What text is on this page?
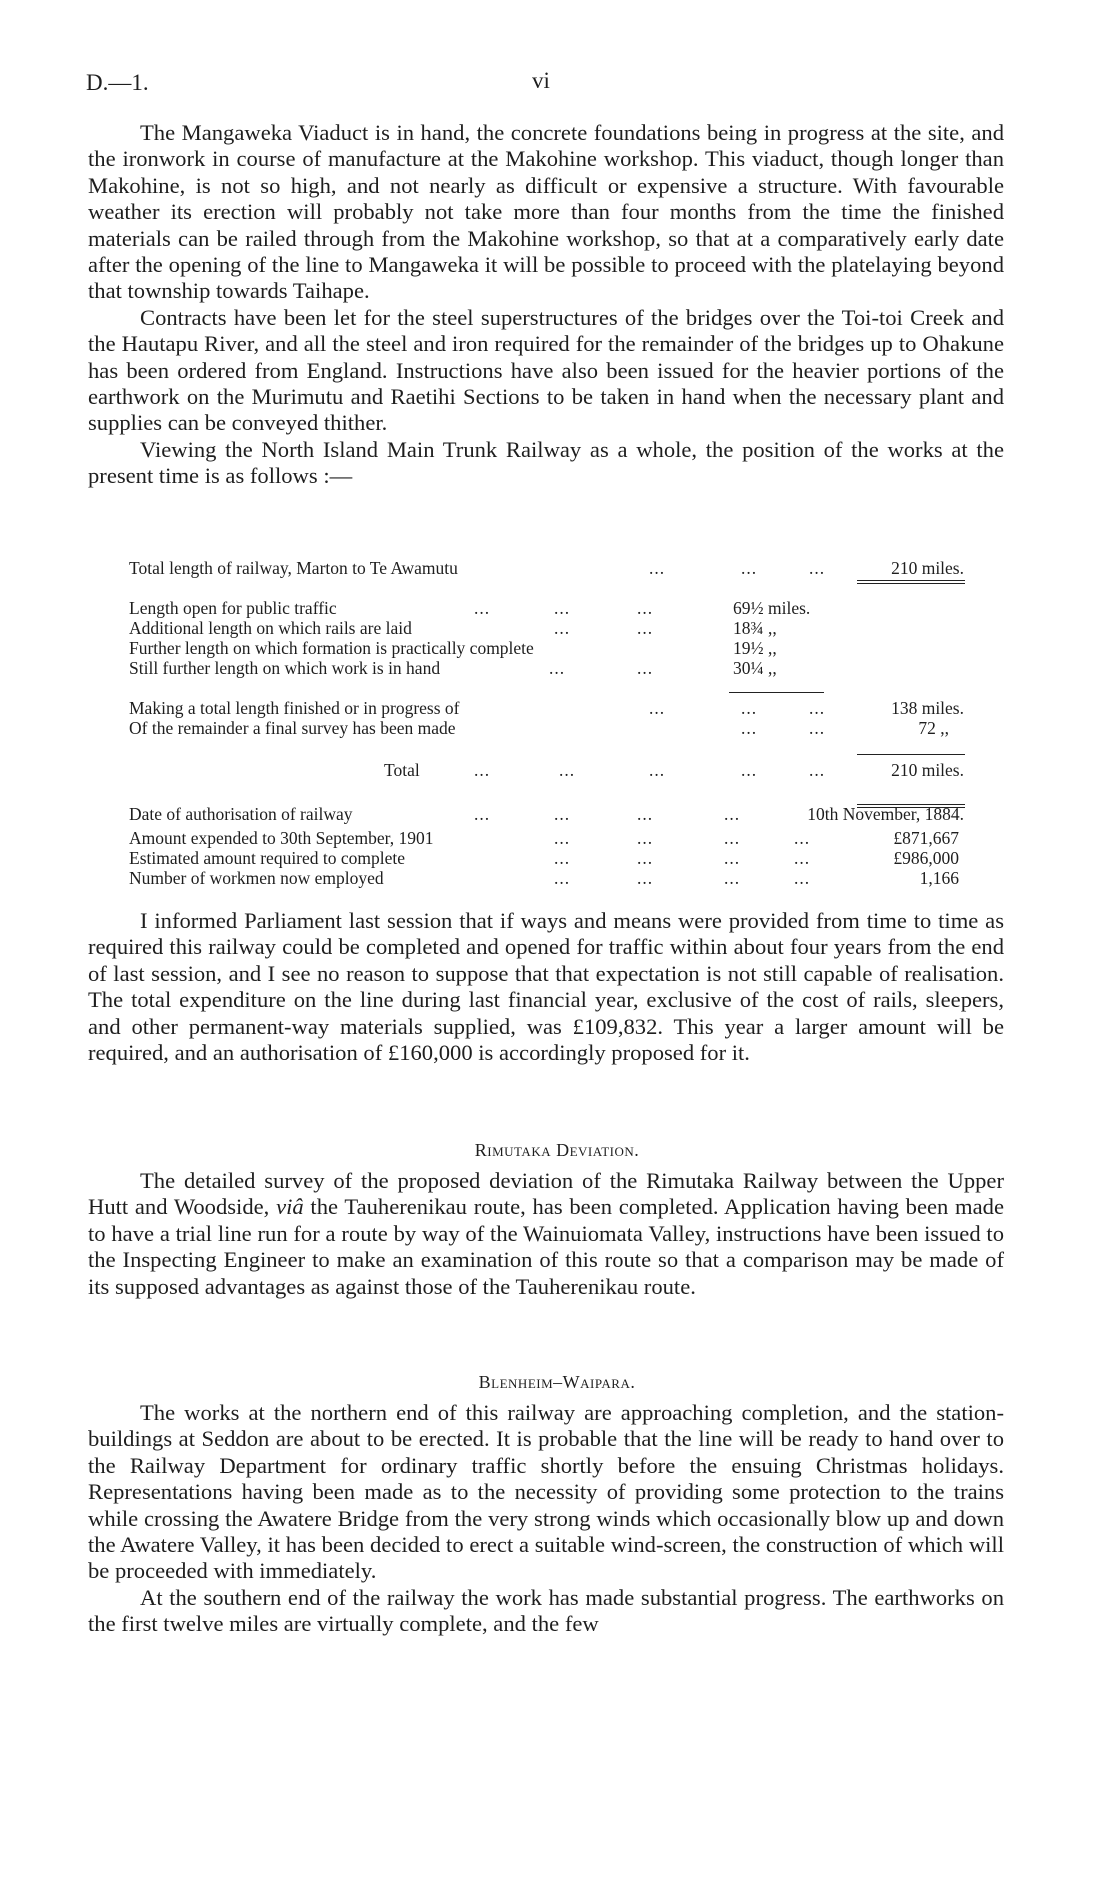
D.—1.	vi

The Mangaweka Viaduct is in hand, the concrete foundations being in progress at the site, and the ironwork in course of manufacture at the Makohine workshop. This viaduct, though longer than Makohine, is not so high, and not nearly as difficult or expensive a structure. With favourable weather its erection will probably not take more than four months from the time the finished materials can be railed through from the Makohine workshop, so that at a comparatively early date after the opening of the line to Mangaweka it will be possible to proceed with the platelaying beyond that township towards Taihape.

Contracts have been let for the steel superstructures of the bridges over the Toi-toi Creek and the Hautapu River, and all the steel and iron required for the remainder of the bridges up to Ohakune has been ordered from England. Instructions have also been issued for the heavier portions of the earthwork on the Murimutu and Raetihi Sections to be taken in hand when the necessary plant and supplies can be conveyed thither.

Viewing the North Island Main Trunk Railway as a whole, the position of the works at the present time is as follows :—

Total length of railway, Marton to Te Awamutu	...	...	...	210 miles.
Length open for public traffic	...	...	...	69½ miles.
Additional length on which rails are laid	...	...	18¾ ,,
Further length on which formation is practically complete	19½ ,,
Still further length on which work is in hand	...	...	30¼ ,,
Making a total length finished or in progress of	...	...	...	138 miles.
Of the remainder a final survey has been made	...	...	72 ,,
Total	...	...	...	...	...	210 miles.
Date of authorisation of railway	...	...	...	...	10th November, 1884.
Amount expended to 30th September, 1901	...	...	...	...	£871,667
Estimated amount required to complete	...	...	...	...	£986,000
Number of workmen now employed	...	...	...	...	1,166

I informed Parliament last session that if ways and means were provided from time to time as required this railway could be completed and opened for traffic within about four years from the end of last session, and I see no reason to suppose that that expectation is not still capable of realisation. The total expenditure on the line during last financial year, exclusive of the cost of rails, sleepers, and other permanent-way materials supplied, was £109,832. This year a larger amount will be required, and an authorisation of £160,000 is accordingly proposed for it.

Rimutaka Deviation.

The detailed survey of the proposed deviation of the Rimutaka Railway between the Upper Hutt and Woodside, viâ the Tauherenikau route, has been completed. Application having been made to have a trial line run for a route by way of the Wainuiomata Valley, instructions have been issued to the Inspecting Engineer to make an examination of this route so that a comparison may be made of its supposed advantages as against those of the Tauherenikau route.

Blenheim–Waipara.

The works at the northern end of this railway are approaching completion, and the station-buildings at Seddon are about to be erected. It is probable that the line will be ready to hand over to the Railway Department for ordinary traffic shortly before the ensuing Christmas holidays. Representations having been made as to the necessity of providing some protection to the trains while crossing the Awatere Bridge from the very strong winds which occasionally blow up and down the Awatere Valley, it has been decided to erect a suitable wind-screen, the construction of which will be proceeded with immediately.

At the southern end of the railway the work has made substantial progress. The earthworks on the first twelve miles are virtually complete, and the few
